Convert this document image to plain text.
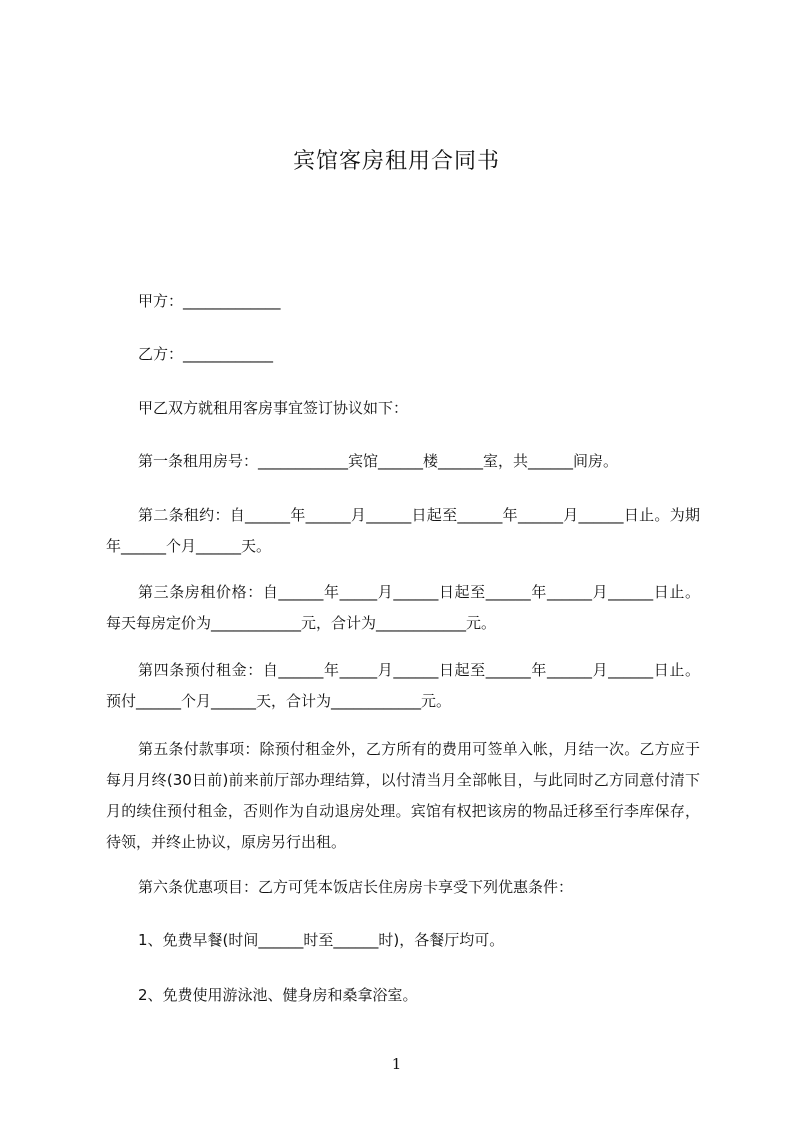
宾馆客房租用合同书

甲方：_____________

乙方：____________

甲乙双方就租用客房事宜签订协议如下：

第一条租用房号：____________宾馆______楼______室，共______间房。

第二条租约：自______年______月______日起至______年______月______日止。为期年______个月______天。

第三条房租价格：自______年_____月______日起至______年______月______日止。每天每房定价为____________元，合计为____________元。

第四条预付租金：自______年_____月______日起至______年______月______日止。预付______个月______天，合计为____________元。

第五条付款事项：除预付租金外，乙方所有的费用可签单入帐，月结一次。乙方应于每月月终(30日前)前来前厅部办理结算，以付清当月全部帐目，与此同时乙方同意付清下月的续住预付租金，否则作为自动退房处理。宾馆有权把该房的物品迁移至行李库保存，待领，并终止协议，原房另行出租。

第六条优惠项目：乙方可凭本饭店长住房房卡享受下列优惠条件：

1、免费早餐(时间______时至______时)，各餐厅均可。

2、免费使用游泳池、健身房和桑拿浴室。

1
